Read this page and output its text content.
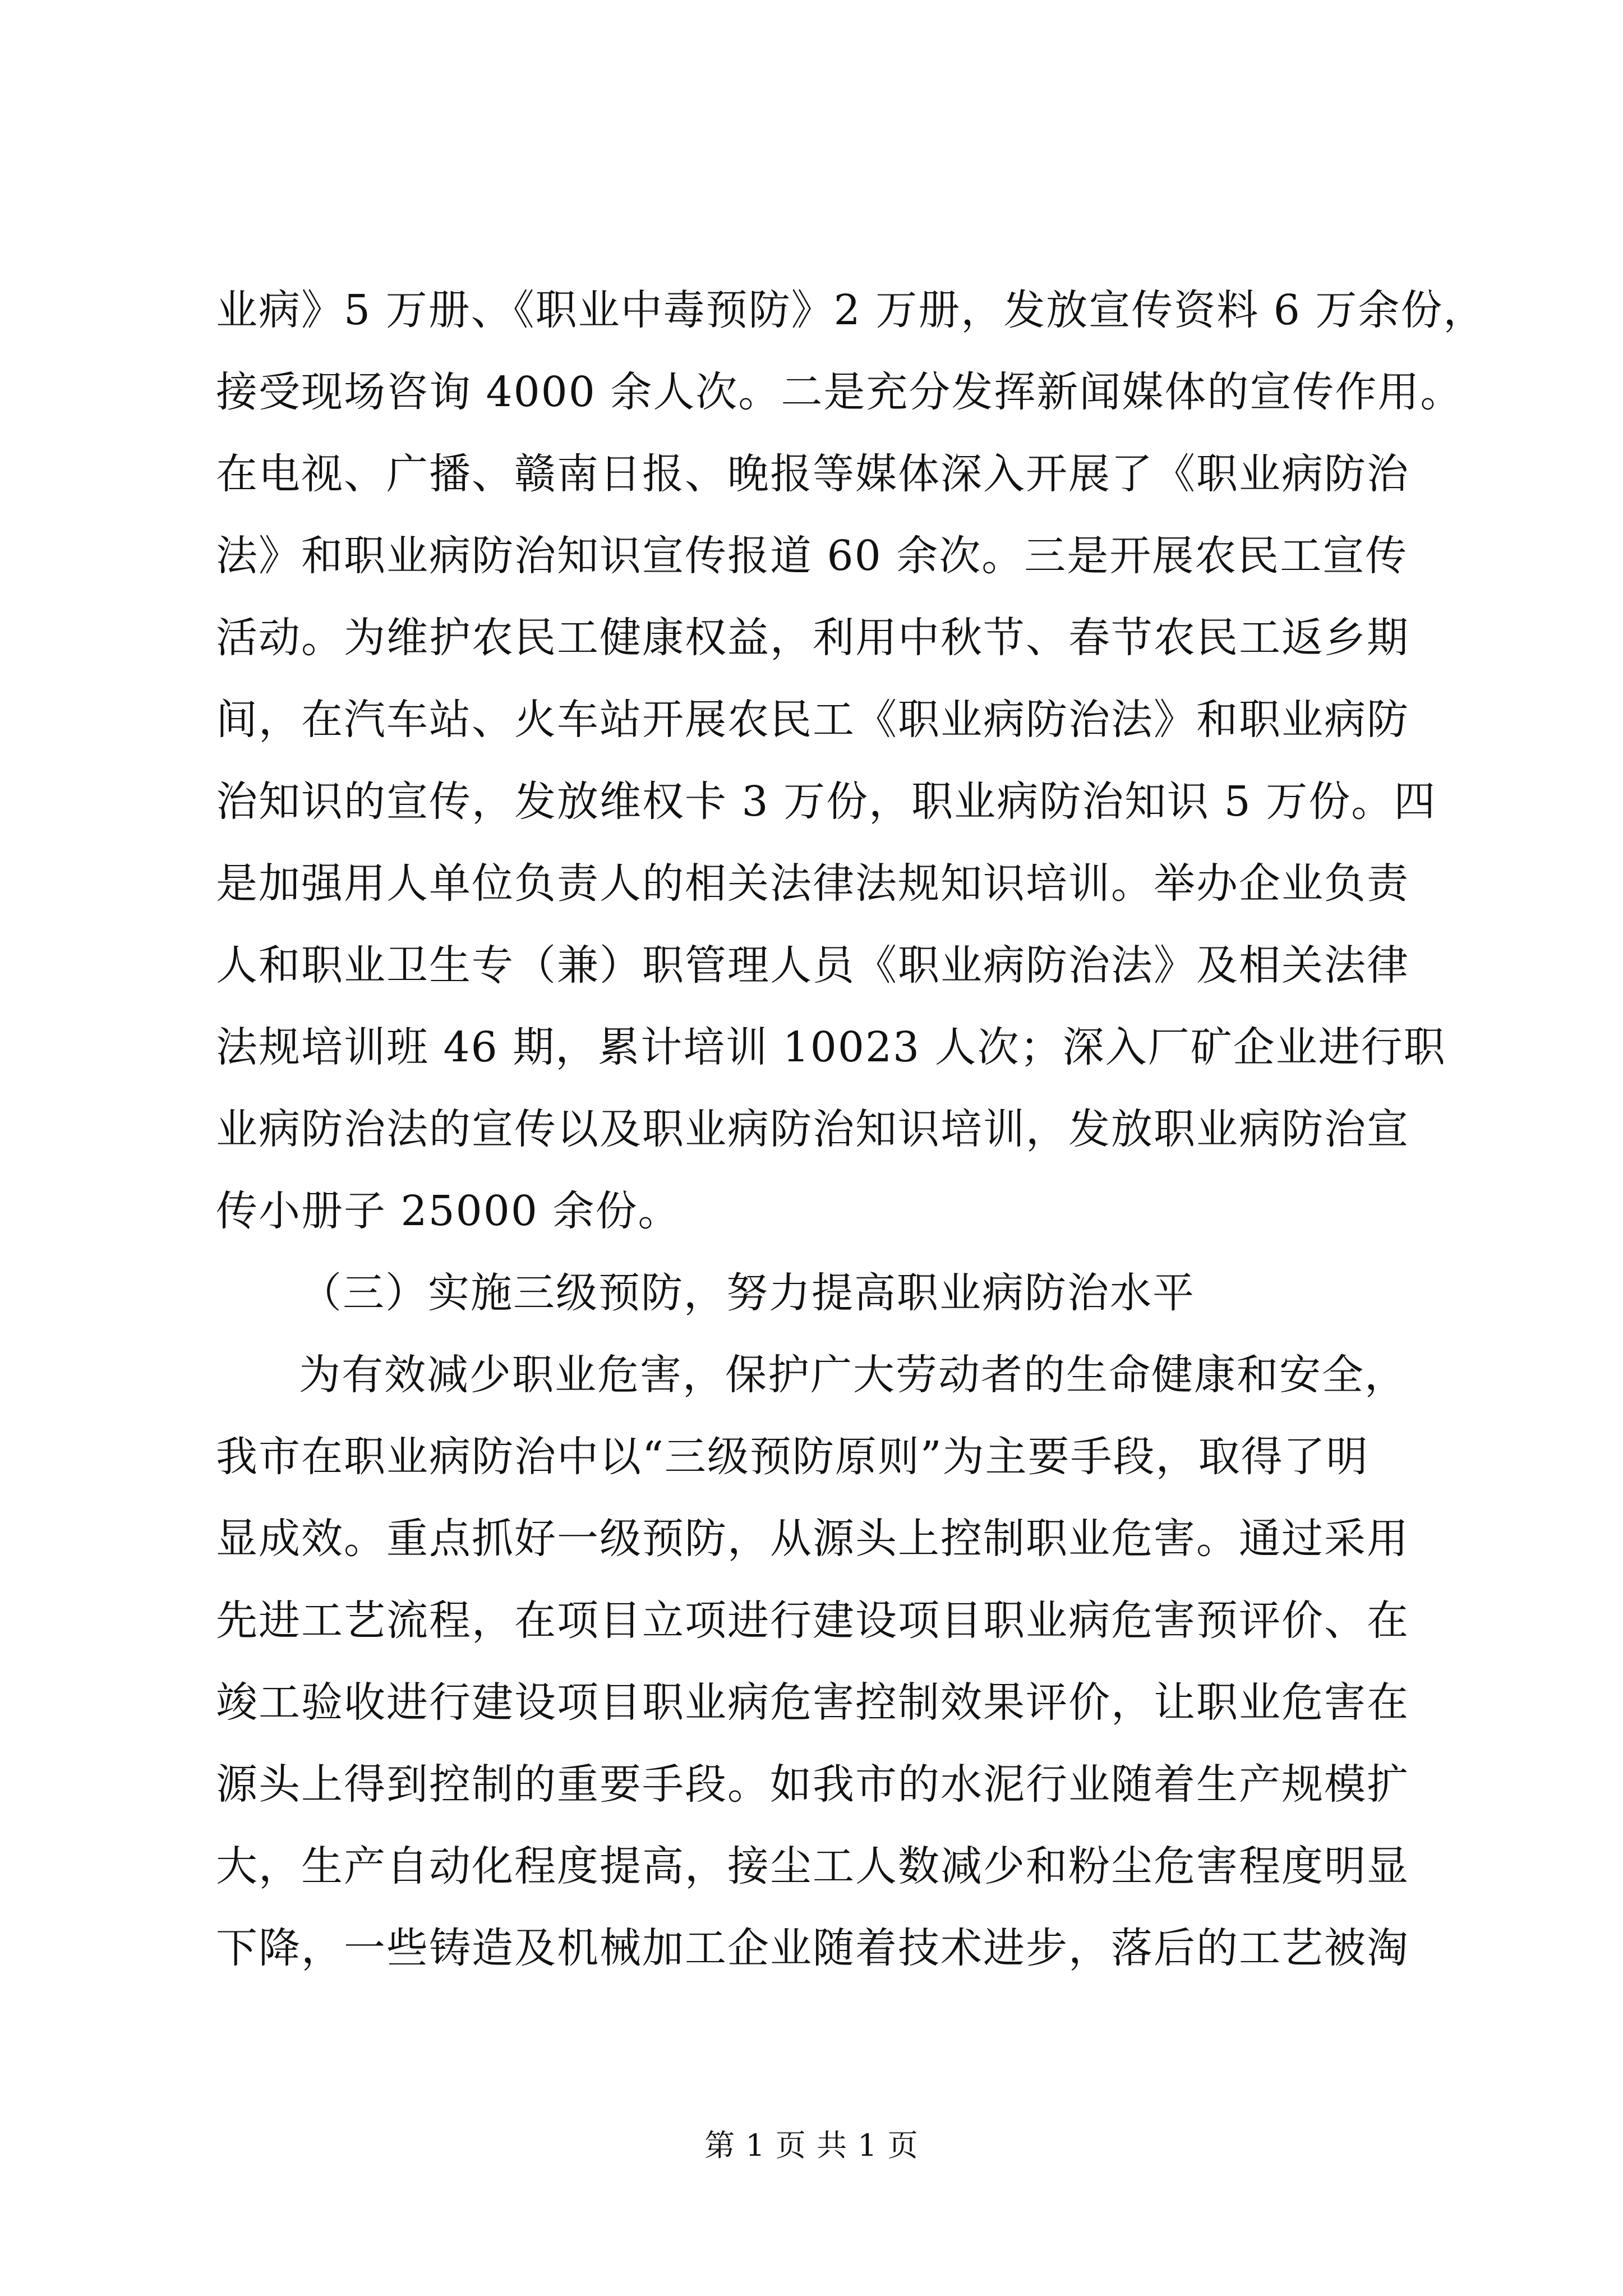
业病》5 万册、《职业中毒预防》2 万册，发放宣传资料 6 万余份，
接受现场咨询 4000 余人次。二是充分发挥新闻媒体的宣传作用。
在电视、广播、赣南日报、晚报等媒体深入开展了《职业病防治
法》和职业病防治知识宣传报道 60 余次。三是开展农民工宣传
活动。为维护农民工健康权益，利用中秋节、春节农民工返乡期
间，在汽车站、火车站开展农民工《职业病防治法》和职业病防
治知识的宣传，发放维权卡 3 万份，职业病防治知识 5 万份。四
是加强用人单位负责人的相关法律法规知识培训。举办企业负责
人和职业卫生专（兼）职管理人员《职业病防治法》及相关法律
法规培训班 46 期，累计培训 10023 人次；深入厂矿企业进行职
业病防治法的宣传以及职业病防治知识培训，发放职业病防治宣
传小册子 25000 余份。
（三）实施三级预防，努力提高职业病防治水平
为有效减少职业危害，保护广大劳动者的生命健康和安全，
我市在职业病防治中以“三级预防原则”为主要手段，取得了明
显成效。重点抓好一级预防，从源头上控制职业危害。通过采用
先进工艺流程，在项目立项进行建设项目职业病危害预评价、在
竣工验收进行建设项目职业病危害控制效果评价，让职业危害在
源头上得到控制的重要手段。如我市的水泥行业随着生产规模扩
大，生产自动化程度提高，接尘工人数减少和粉尘危害程度明显
下降，一些铸造及机械加工企业随着技术进步，落后的工艺被淘
第 1 页 共 1 页
